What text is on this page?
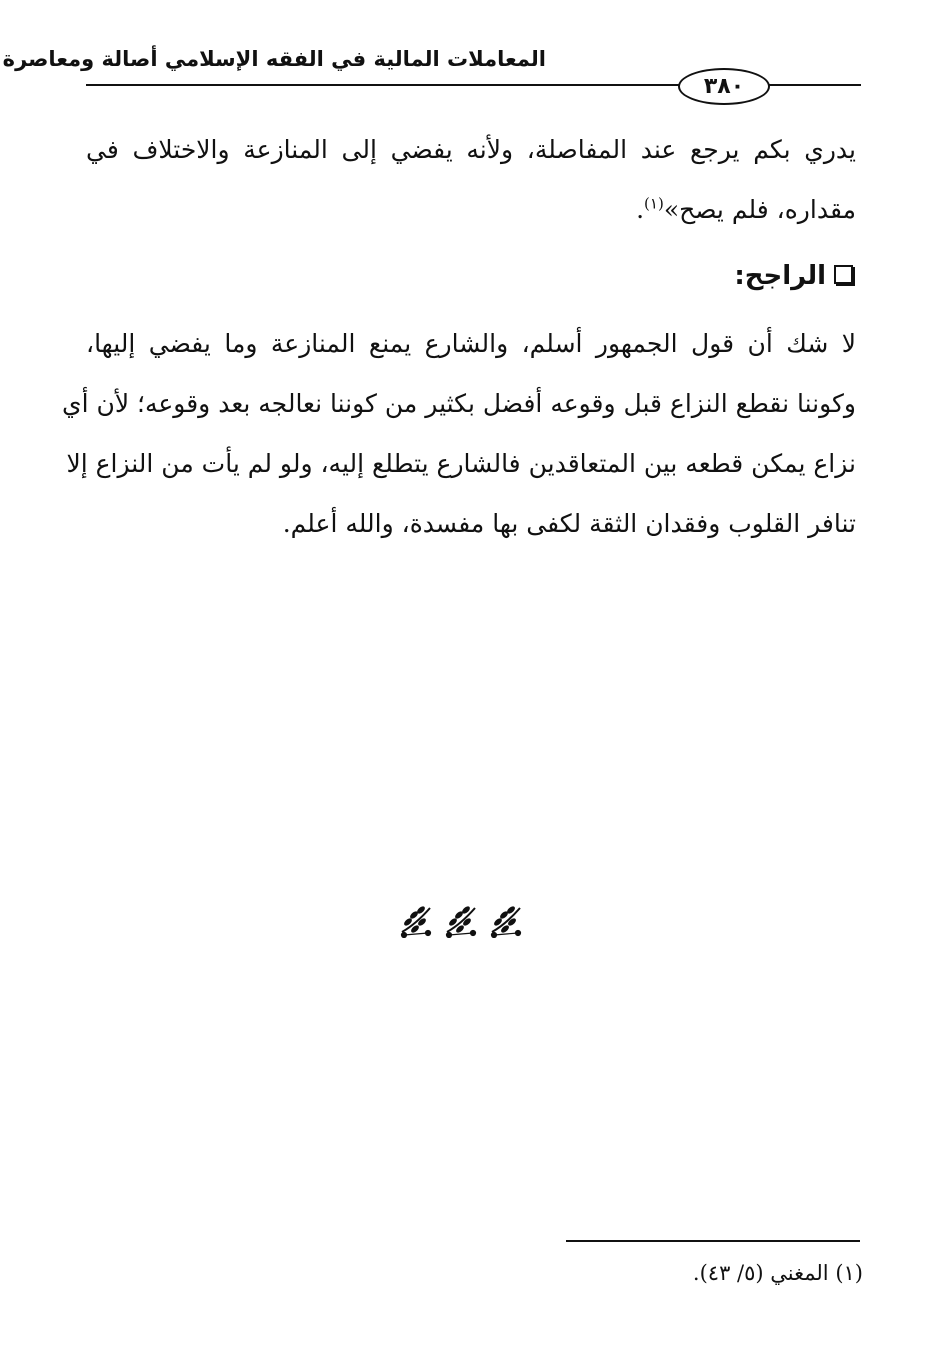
المعاملات المالية في الفقه الإسلامي أصالة ومعاصرة
٣٨٠
يدري بكم يرجع عند المفاصلة، ولأنه يفضي إلى المنازعة والاختلاف في
مقداره، فلم يصح»$^{(١)}$.
الراجح:
لا شك أن قول الجمهور أسلم، والشارع يمنع المنازعة وما يفضي إليها،
وكوننا نقطع النزاع قبل وقوعه أفضل بكثير من كوننا نعالجه بعد وقوعه؛ لأن أي
نزاع يمكن قطعه بين المتعاقدين فالشارع يتطلع إليه، ولو لم يأت من النزاع إلا
تنافر القلوب وفقدان الثقة لكفى بها مفسدة، والله أعلم.
(١) المغني (٥/ ٤٣).
